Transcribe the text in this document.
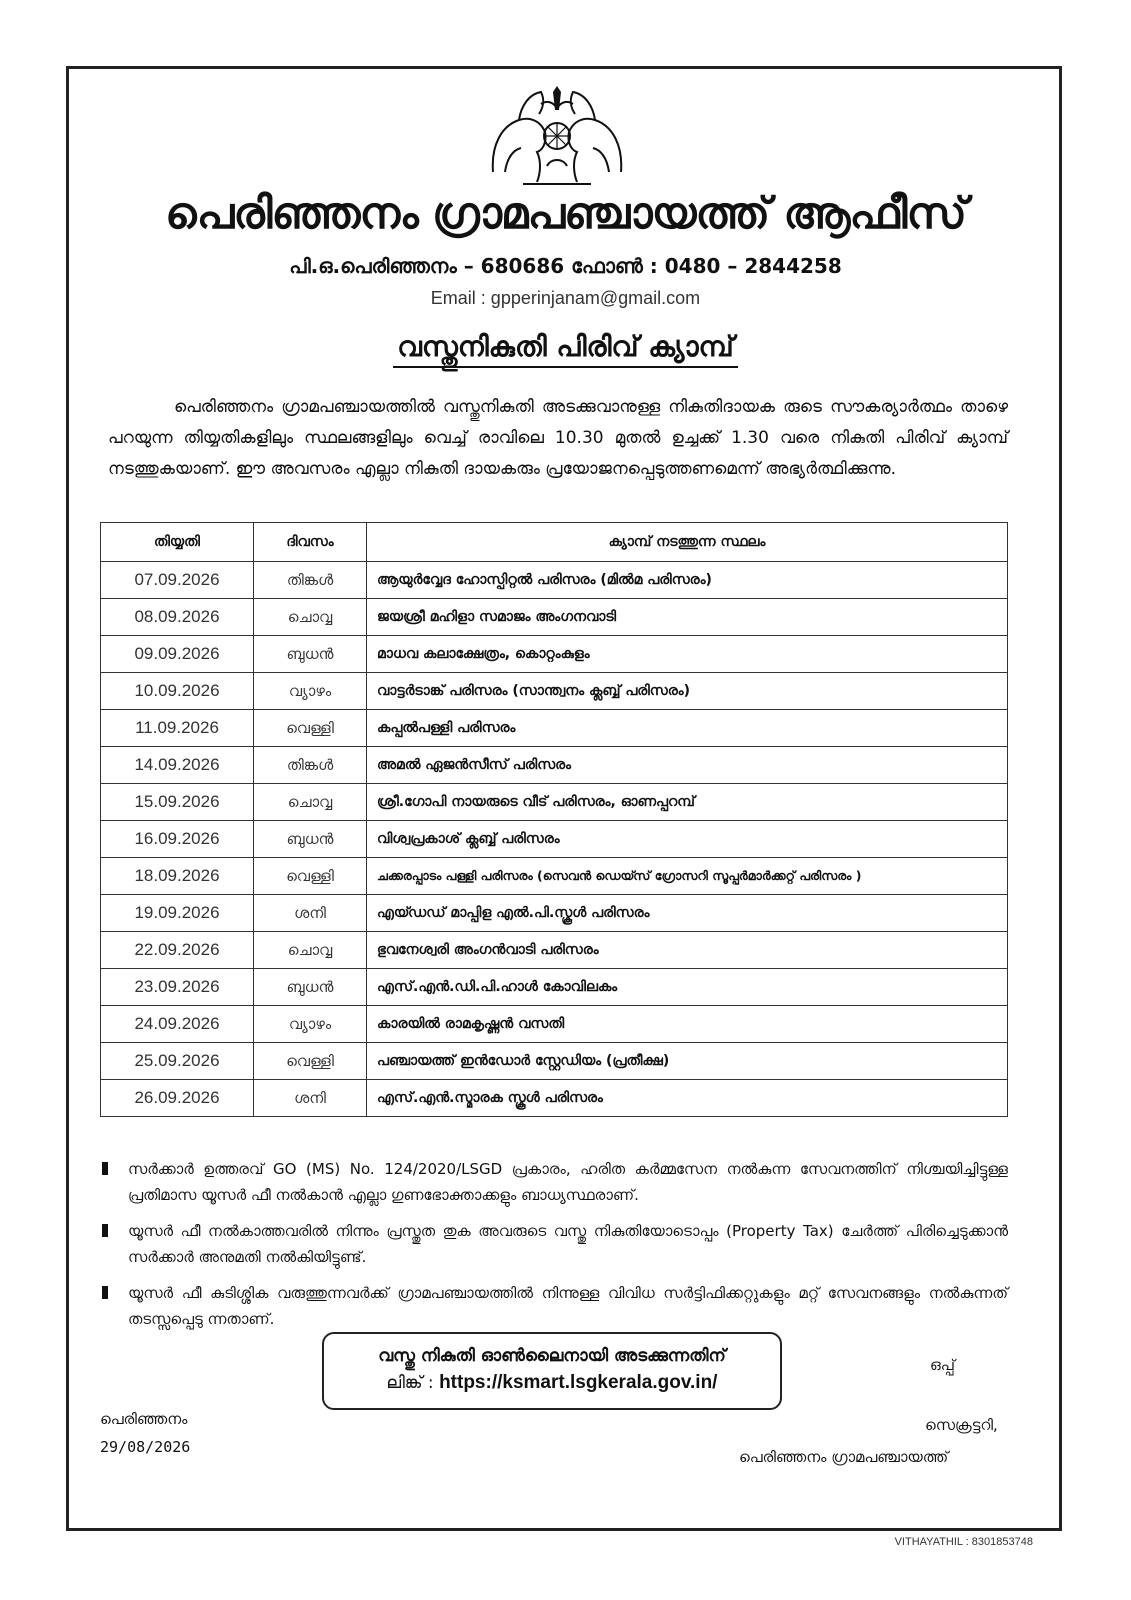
പെരിഞ്ഞനം ഗ്രാമപഞ്ചായത്ത് ആഫീസ്
പി.ഒ.പെരിഞ്ഞനം – 680686 ഫോൺ : 0480 – 2844258
Email : gpperinjanam@gmail.com
വസ്തുനികുതി പിരിവ് ക്യാമ്പ്
പെരിഞ്ഞനം ഗ്രാമപഞ്ചായത്തിൽ വസ്തുനികുതി അടക്കുവാനുള്ള നികുതിദായക രുടെ സൗകര്യാർത്ഥം താഴെ പറയുന്ന തിയ്യതികളിലും സ്ഥലങ്ങളിലും വെച്ച് രാവിലെ 10.30 മുതൽ ഉച്ചക്ക് 1.30 വരെ നികുതി പിരിവ് ക്യാമ്പ് നടത്തുകയാണ്. ഈ അവസരം എല്ലാ നികുതി ദായകരും പ്രയോജനപ്പെടുത്തണമെന്ന് അഭ്യർത്ഥിക്കുന്നു.
തിയ്യതി	ദിവസം	ക്യാമ്പ് നടത്തുന്ന സ്ഥലം
07.09.2026	തിങ്കൾ	ആയുർവ്വേദ ഹോസ്പിറ്റൽ പരിസരം (മിൽമ പരിസരം)
08.09.2026	ചൊവ്വ	ജയശ്രീ മഹിളാ സമാജം അംഗനവാടി
09.09.2026	ബുധൻ	മാധവ കലാക്ഷേത്രം, കൊറ്റംകുളം
10.09.2026	വ്യാഴം	വാട്ടർടാങ്ക് പരിസരം (സാന്ത്വനം ക്ലബ്ബ് പരിസരം)
11.09.2026	വെള്ളി	കപ്പൽപള്ളി പരിസരം
14.09.2026	തിങ്കൾ	അമൽ ഏജൻസീസ് പരിസരം
15.09.2026	ചൊവ്വ	ശ്രീ.ഗോപി നായരുടെ വീട് പരിസരം, ഓണപ്പറമ്പ്
16.09.2026	ബുധൻ	വിശ്വപ്രകാശ് ക്ലബ്ബ് പരിസരം
18.09.2026	വെള്ളി	ചക്കരപ്പാടം പള്ളി പരിസരം (സെവൻ ഡെയ്സ് ഗ്രോസറി സൂപ്പർമാർക്കറ്റ് പരിസരം )
19.09.2026	ശനി	എയ്ഡഡ് മാപ്പിള എൽ.പി.സ്കൂൾ പരിസരം
22.09.2026	ചൊവ്വ	ഭുവനേശ്വരി അംഗൻവാടി പരിസരം
23.09.2026	ബുധൻ	എസ്.എൻ.ഡി.പി.ഹാൾ കോവിലകം
24.09.2026	വ്യാഴം	കാരയിൽ രാമകൃഷ്ണൻ വസതി
25.09.2026	വെള്ളി	പഞ്ചായത്ത് ഇൻഡോർ സ്റ്റേഡിയം (പ്രതീക്ഷ)
26.09.2026	ശനി	എസ്.എൻ.സ്മാരക സ്കൂൾ പരിസരം
സർക്കാർ ഉത്തരവ് GO (MS) No. 124/2020/LSGD പ്രകാരം, ഹരിത കർമ്മസേന നൽകുന്ന സേവനത്തിന് നിശ്ചയിച്ചിട്ടുള്ള പ്രതിമാസ യൂസർ ഫീ നൽകാൻ എല്ലാ ഗുണഭോക്താക്കളും ബാധ്യസ്ഥരാണ്.
യൂസർ ഫീ നൽകാത്തവരിൽ നിന്നും പ്രസ്തുത തുക അവരുടെ വസ്തു നികുതിയോടൊപ്പം (Property Tax) ചേർത്ത് പിരിച്ചെടുക്കാൻ സർക്കാർ അനുമതി നൽകിയിട്ടുണ്ട്.
യൂസർ ഫീ കുടിശ്ശിക വരുത്തുന്നവർക്ക് ഗ്രാമപഞ്ചായത്തിൽ നിന്നുള്ള വിവിധ സർട്ടിഫിക്കറ്റുകളും മറ്റ് സേവനങ്ങളും നൽകുന്നത് തടസ്സപ്പെടു ന്നതാണ്.
വസ്തു നികുതി ഓൺലൈനായി അടക്കുന്നതിന്
ലിങ്ക് : https://ksmart.lsgkerala.gov.in/
ഒപ്പ്
പെരിഞ്ഞനം
29/08/2026
സെക്രട്ടറി,
പെരിഞ്ഞനം ഗ്രാമപഞ്ചായത്ത്
VITHAYATHIL : 8301853748
